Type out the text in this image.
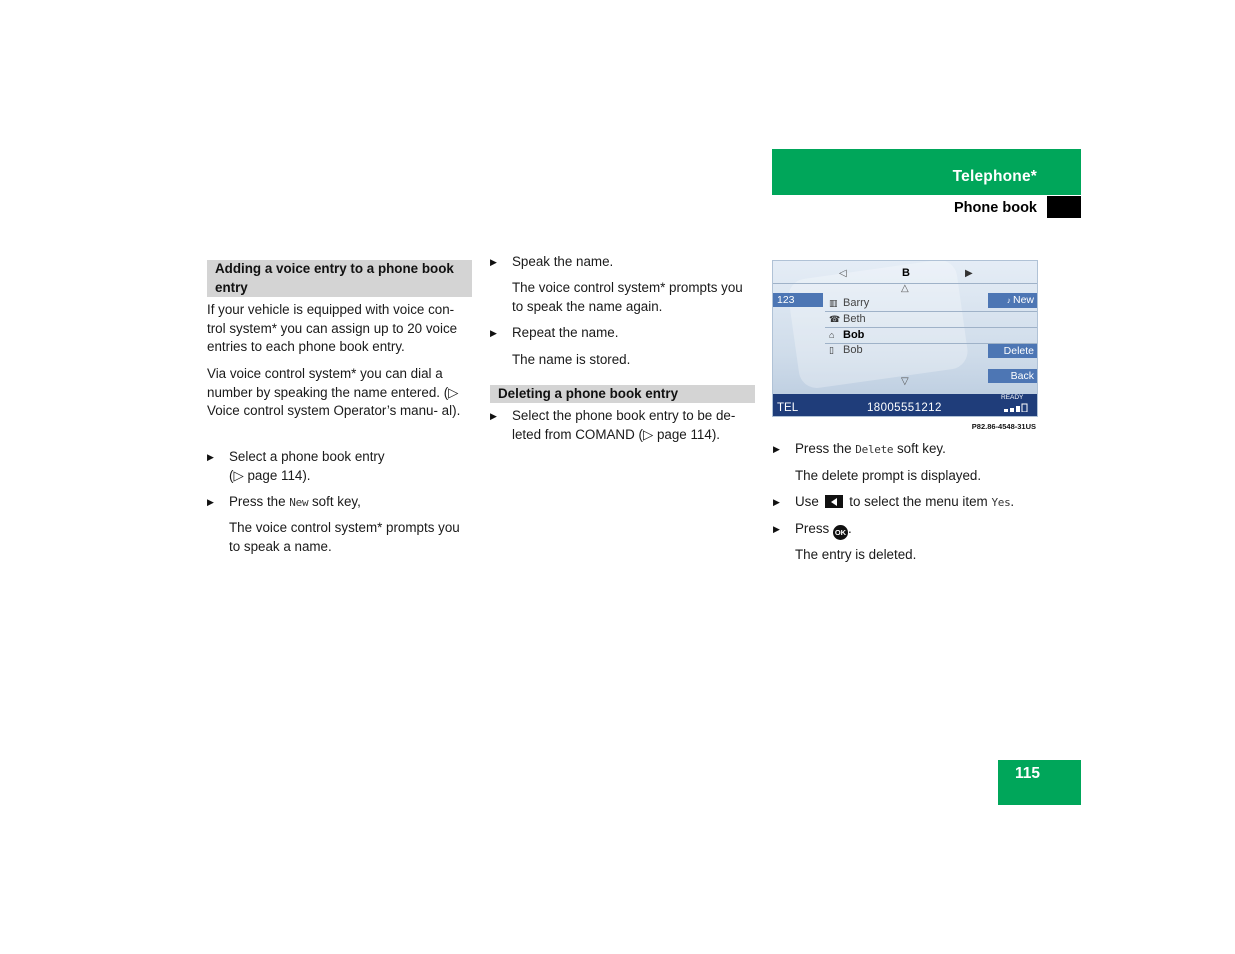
Telephone*
Phone book
Adding a voice entry to a phone book entry

If your vehicle is equipped with voice con- trol system* you can assign up to 20 voice entries to each phone book entry.

Via voice control system* you can dial a number by speaking the name entered. (▷ Voice control system Operator’s manu- al).

▶ Select a phone book entry
(▷ page 114).
▶ Press the New soft key,

The voice control system* prompts you to speak a name.

▶ Speak the name.

The voice control system* prompts you to speak the name again.

▶ Repeat the name.

The name is stored.

Deleting a phone book entry
▶ Select the phone book entry to be de- leted from COMAND (▷ page 114).
◁	B	▶
△
123	♪ New
▥ Barry
☎ Beth
⌂ Bob
▯ Bob	Delete
▽	Back
TEL	18005551212
READY
P82.86-4548-31US
▶ Press the Delete soft key.

The delete prompt is displayed.

▶ Use  to select the menu item Yes.
▶ Press OK .

The entry is deleted.

115
